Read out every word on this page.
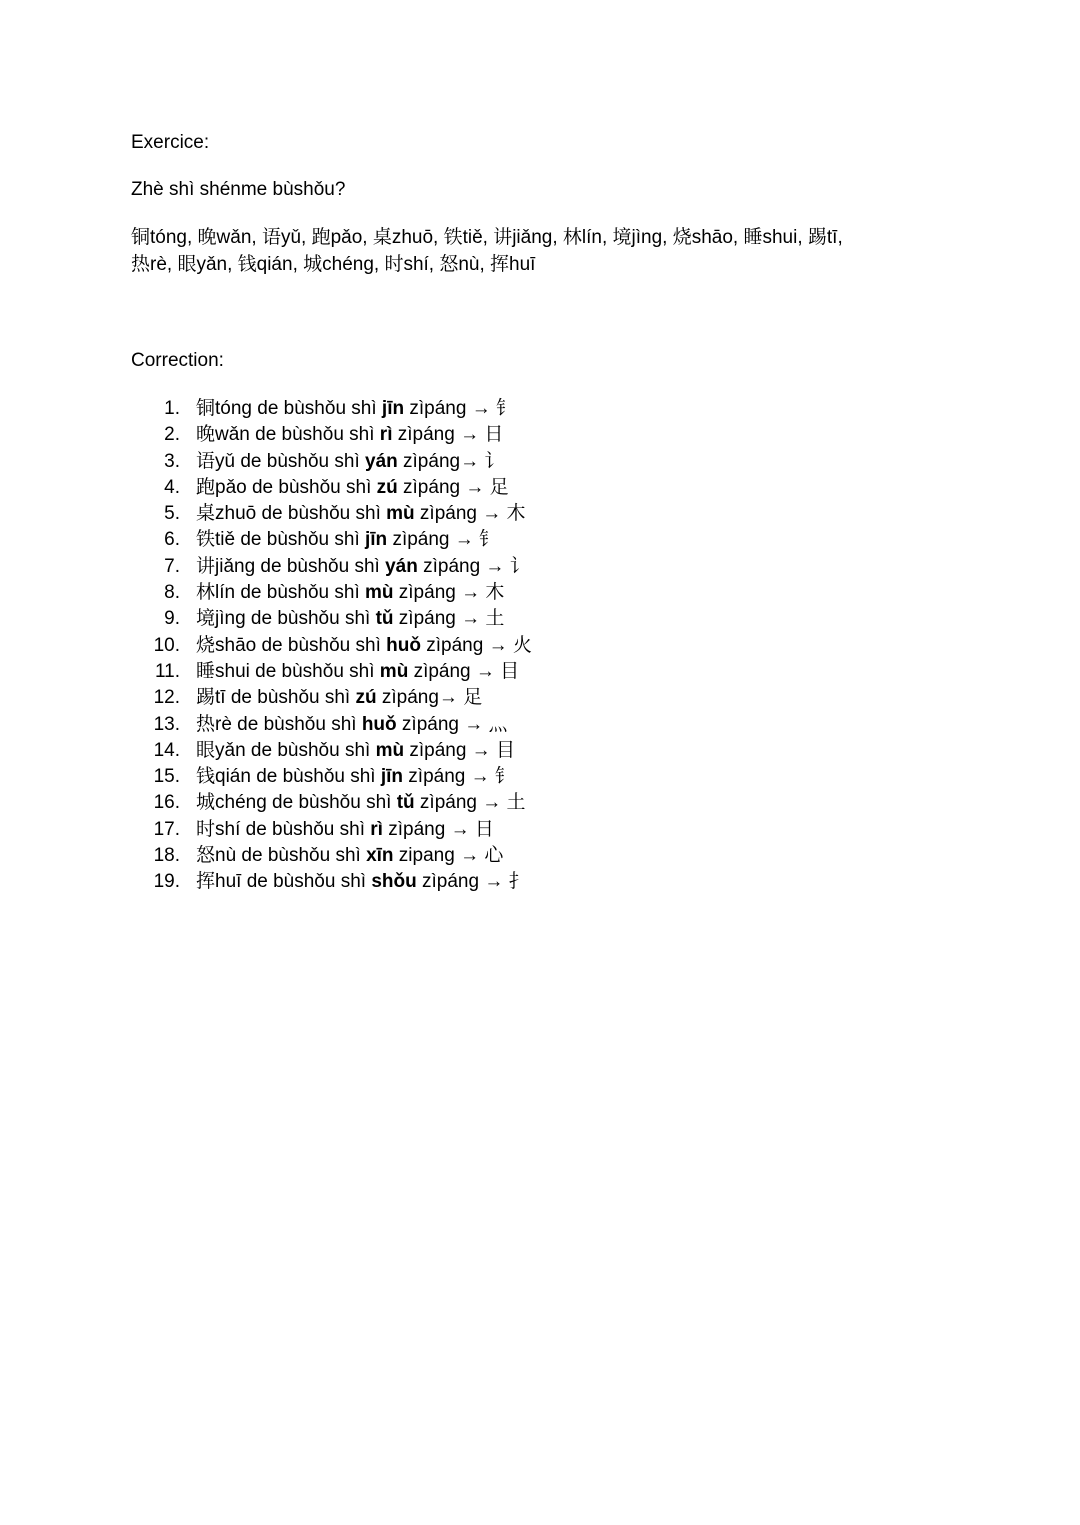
Exercice:
Zhè shì shénme bùshǒu?
铜tóng, 晚wǎn, 语yǔ, 跑pǎo, 桌zhuō, 铁tiě, 讲jiǎng, 林lín, 境jìng, 烧shāo, 睡shui, 踢tī,
热rè, 眼yǎn, 钱qián, 城chéng, 时shí, 怒nù, 挥huī
Correction:
1. 铜tóng de bùshǒu shì jīn zìpáng → 钅
2. 晚wǎn de bùshǒu shì rì zìpáng → 日
3. 语yǔ de bùshǒu shì yán zìpáng→ 讠
4. 跑pǎo de bùshǒu shì zú zìpáng → 足
5. 桌zhuō de bùshǒu shì mù zìpáng → 木
6. 铁tiě de bùshǒu shì jīn zìpáng → 钅
7. 讲jiǎng de bùshǒu shì yán zìpáng → 讠
8. 林lín de bùshǒu shì mù zìpáng → 木
9. 境jìng de bùshǒu shì tǔ zìpáng → 土
10. 烧shāo de bùshǒu shì huǒ zìpáng → 火
11. 睡shui de bùshǒu shì mù zìpáng → 目
12. 踢tī de bùshǒu shì zú zìpáng→ 足
13. 热rè de bùshǒu shì huǒ zìpáng → 灬
14. 眼yǎn de bùshǒu shì mù zìpáng → 目
15. 钱qián de bùshǒu shì jīn zìpáng → 钅
16. 城chéng de bùshǒu shì tǔ zìpáng → 土
17. 时shí de bùshǒu shì rì zìpáng → 日
18. 怒nù de bùshǒu shì xīn zipang → 心
19. 挥huī de bùshǒu shì shǒu zìpáng → 扌
